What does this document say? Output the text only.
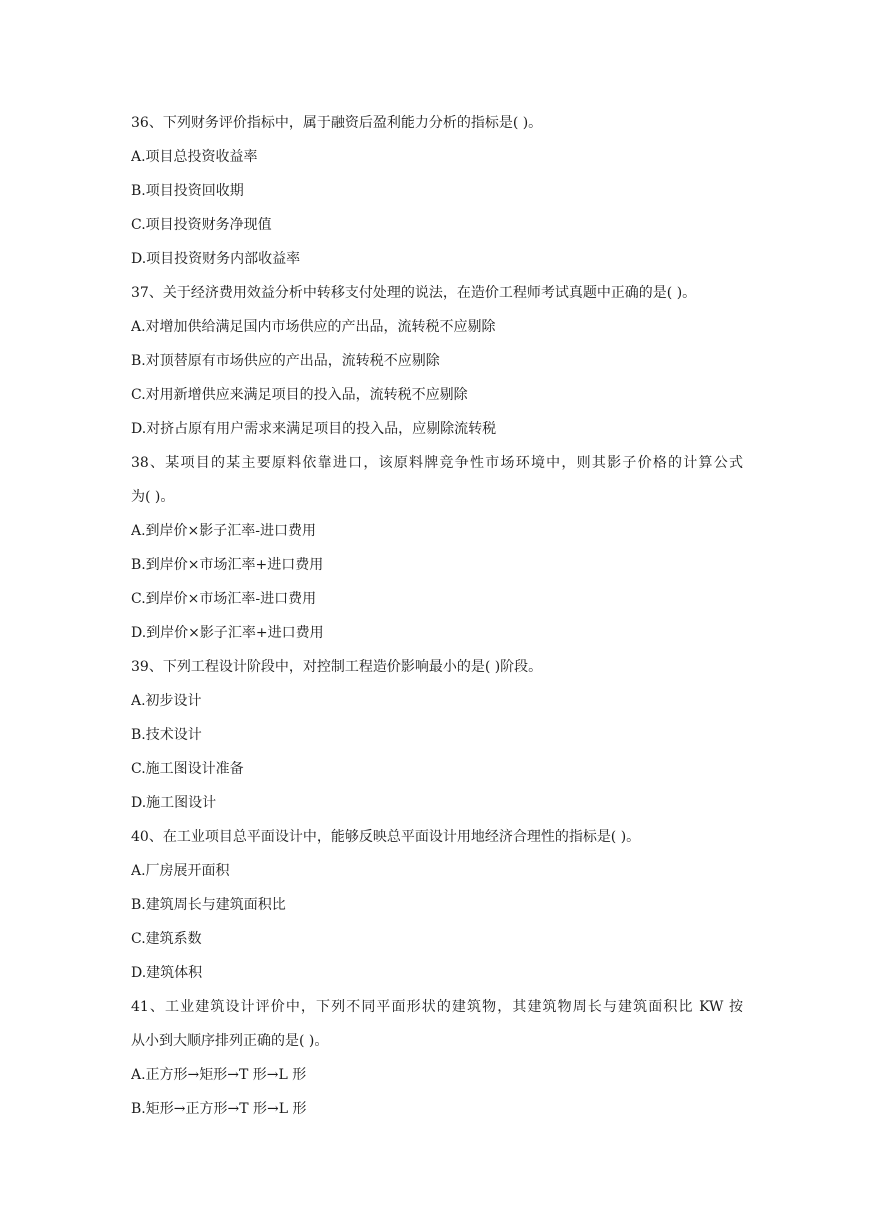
36、下列财务评价指标中，属于融资后盈利能力分析的指标是( )。
A.项目总投资收益率
B.项目投资回收期
C.项目投资财务净现值
D.项目投资财务内部收益率
37、关于经济费用效益分析中转移支付处理的说法，在造价工程师考试真题中正确的是( )。
A.对增加供给满足国内市场供应的产出品，流转税不应剔除
B.对顶替原有市场供应的产出品，流转税不应剔除
C.对用新增供应来满足项目的投入品，流转税不应剔除
D.对挤占原有用户需求来满足项目的投入品，应剔除流转税
38、某项目的某主要原料依靠进口，该原料牌竞争性市场环境中，则其影子价格的计算公式
为( )。
A.到岸价×影子汇率-进口费用
B.到岸价×市场汇率+进口费用
C.到岸价×市场汇率-进口费用
D.到岸价×影子汇率+进口费用
39、下列工程设计阶段中，对控制工程造价影响最小的是( )阶段。
A.初步设计
B.技术设计
C.施工图设计准备
D.施工图设计
40、在工业项目总平面设计中，能够反映总平面设计用地经济合理性的指标是( )。
A.厂房展开面积
B.建筑周长与建筑面积比
C.建筑系数
D.建筑体积
41、工业建筑设计评价中，下列不同平面形状的建筑物，其建筑物周长与建筑面积比 KW 按
从小到大顺序排列正确的是( )。
A.正方形→矩形→T 形→L 形
B.矩形→正方形→T 形→L 形
